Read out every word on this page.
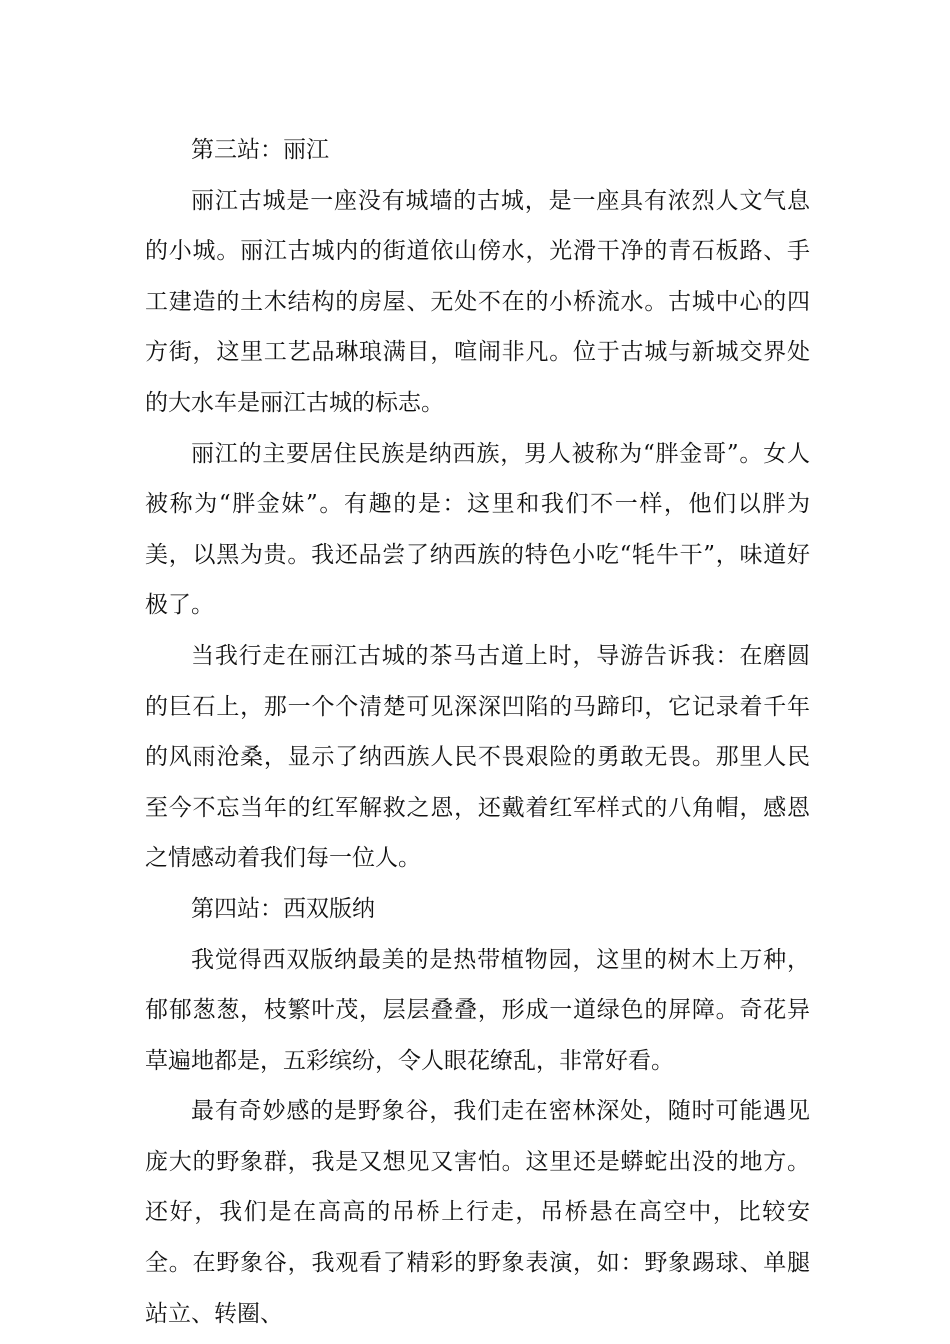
第三站：丽江

丽江古城是一座没有城墙的古城，是一座具有浓烈人文气息的小城。丽江古城内的街道依山傍水，光滑干净的青石板路、手工建造的土木结构的房屋、无处不在的小桥流水。古城中心的四方街，这里工艺品琳琅满目，喧闹非凡。位于古城与新城交界处的大水车是丽江古城的标志。

丽江的主要居住民族是纳西族，男人被称为“胖金哥”。女人被称为“胖金妹”。有趣的是：这里和我们不一样，他们以胖为美，以黑为贵。我还品尝了纳西族的特色小吃“牦牛干”，味道好极了。

当我行走在丽江古城的茶马古道上时，导游告诉我：在磨圆的巨石上，那一个个清楚可见深深凹陷的马蹄印，它记录着千年的风雨沧桑，显示了纳西族人民不畏艰险的勇敢无畏。那里人民至今不忘当年的红军解救之恩，还戴着红军样式的八角帽，感恩之情感动着我们每一位人。

第四站：西双版纳

我觉得西双版纳最美的是热带植物园，这里的树木上万种，郁郁葱葱，枝繁叶茂，层层叠叠，形成一道绿色的屏障。奇花异草遍地都是，五彩缤纷，令人眼花缭乱，非常好看。

最有奇妙感的是野象谷，我们走在密林深处，随时可能遇见庞大的野象群，我是又想见又害怕。这里还是蟒蛇出没的地方。还好，我们是在高高的吊桥上行走，吊桥悬在高空中，比较安全。在野象谷，我观看了精彩的野象表演，如：野象踢球、单腿站立、转圈、
